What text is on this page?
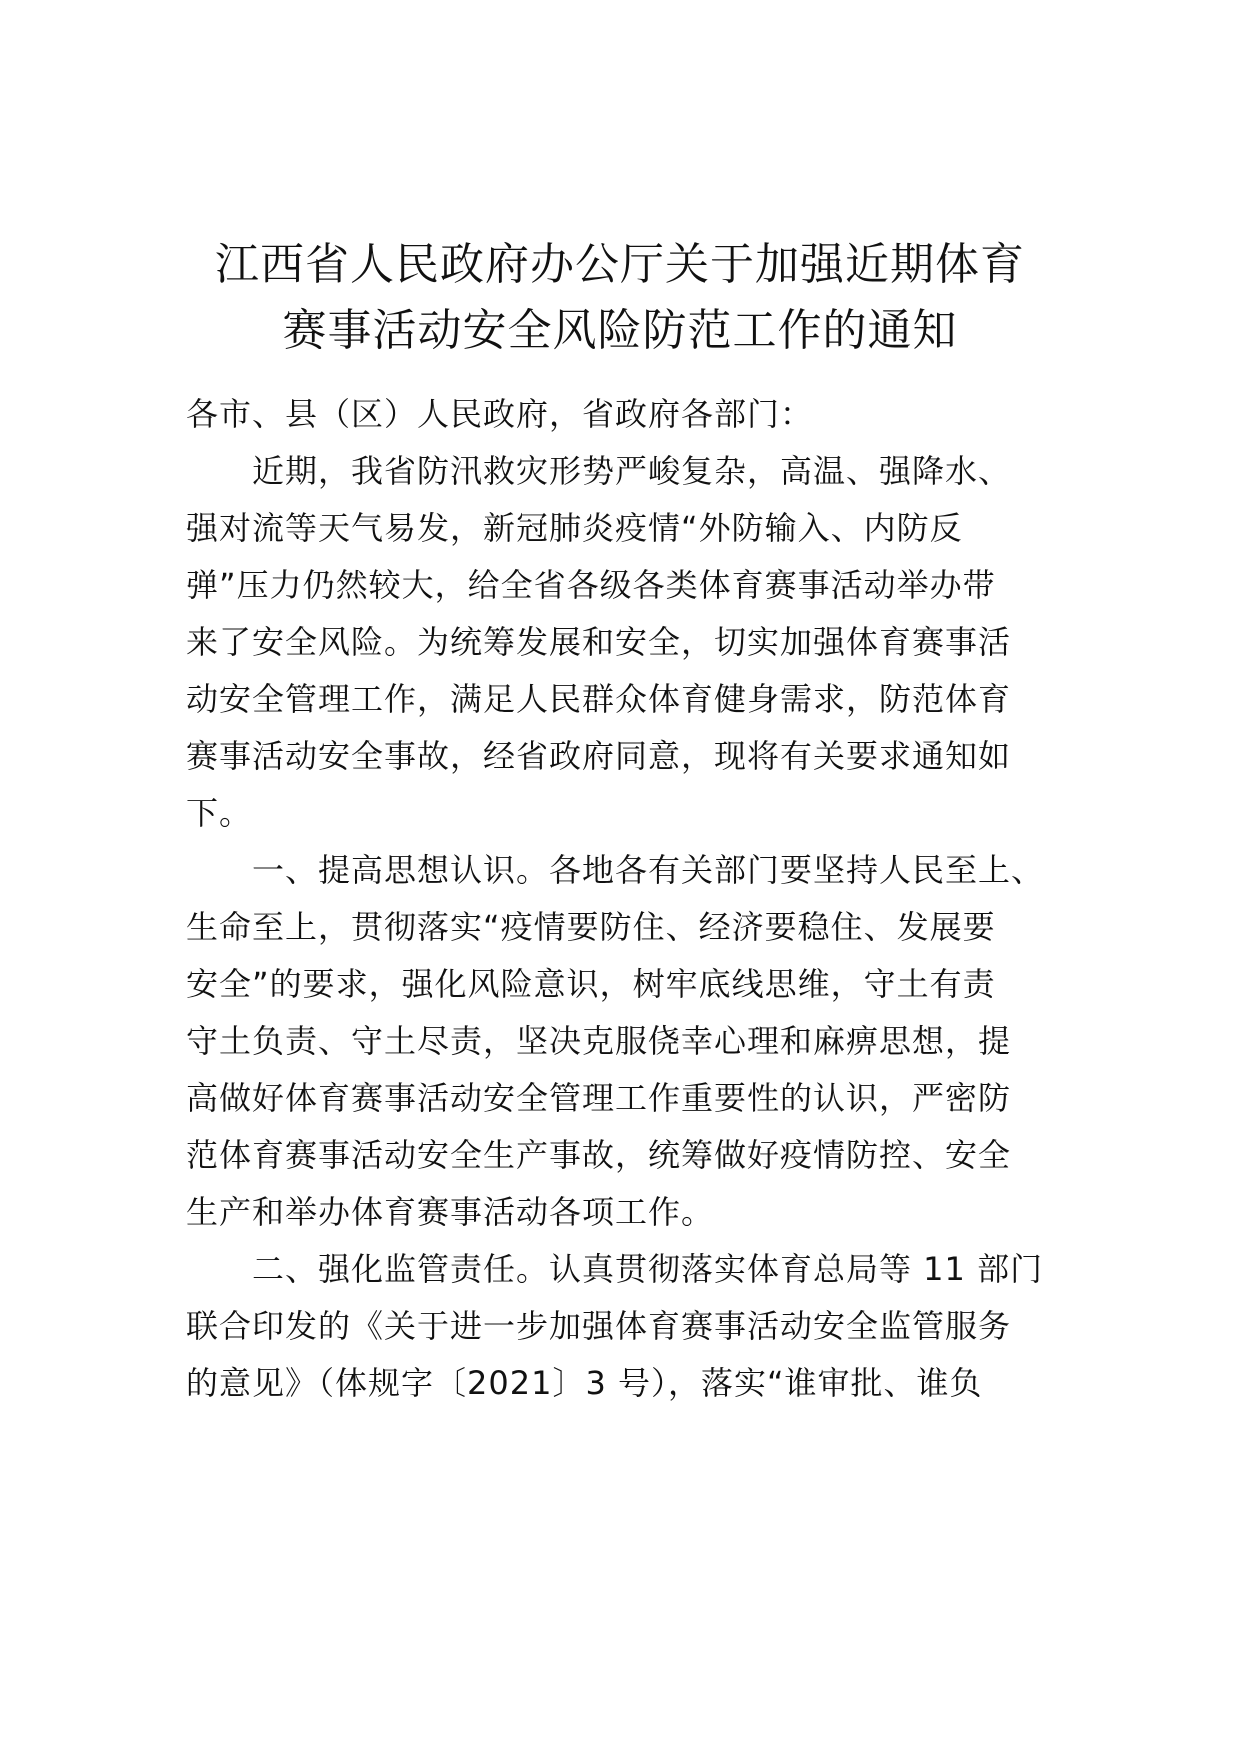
江西省人民政府办公厅关于加强近期体育
赛事活动安全风险防范工作的通知
各市、县（区）人民政府，省政府各部门：
近期，我省防汛救灾形势严峻复杂，高温、强降水、
强对流等天气易发，新冠肺炎疫情“外防输入、内防反
弹”压力仍然较大，给全省各级各类体育赛事活动举办带
来了安全风险。为统筹发展和安全，切实加强体育赛事活
动安全管理工作，满足人民群众体育健身需求，防范体育
赛事活动安全事故，经省政府同意，现将有关要求通知如
下。
一、提高思想认识。各地各有关部门要坚持人民至上、
生命至上，贯彻落实“疫情要防住、经济要稳住、发展要
安全”的要求，强化风险意识，树牢底线思维，守土有责
守土负责、守土尽责，坚决克服侥幸心理和麻痹思想，提
高做好体育赛事活动安全管理工作重要性的认识，严密防
范体育赛事活动安全生产事故，统筹做好疫情防控、安全
生产和举办体育赛事活动各项工作。
二、强化监管责任。认真贯彻落实体育总局等 11 部门
联合印发的《关于进一步加强体育赛事活动安全监管服务
的意见》（体规字〔2021〕3 号），落实“谁审批、谁负
